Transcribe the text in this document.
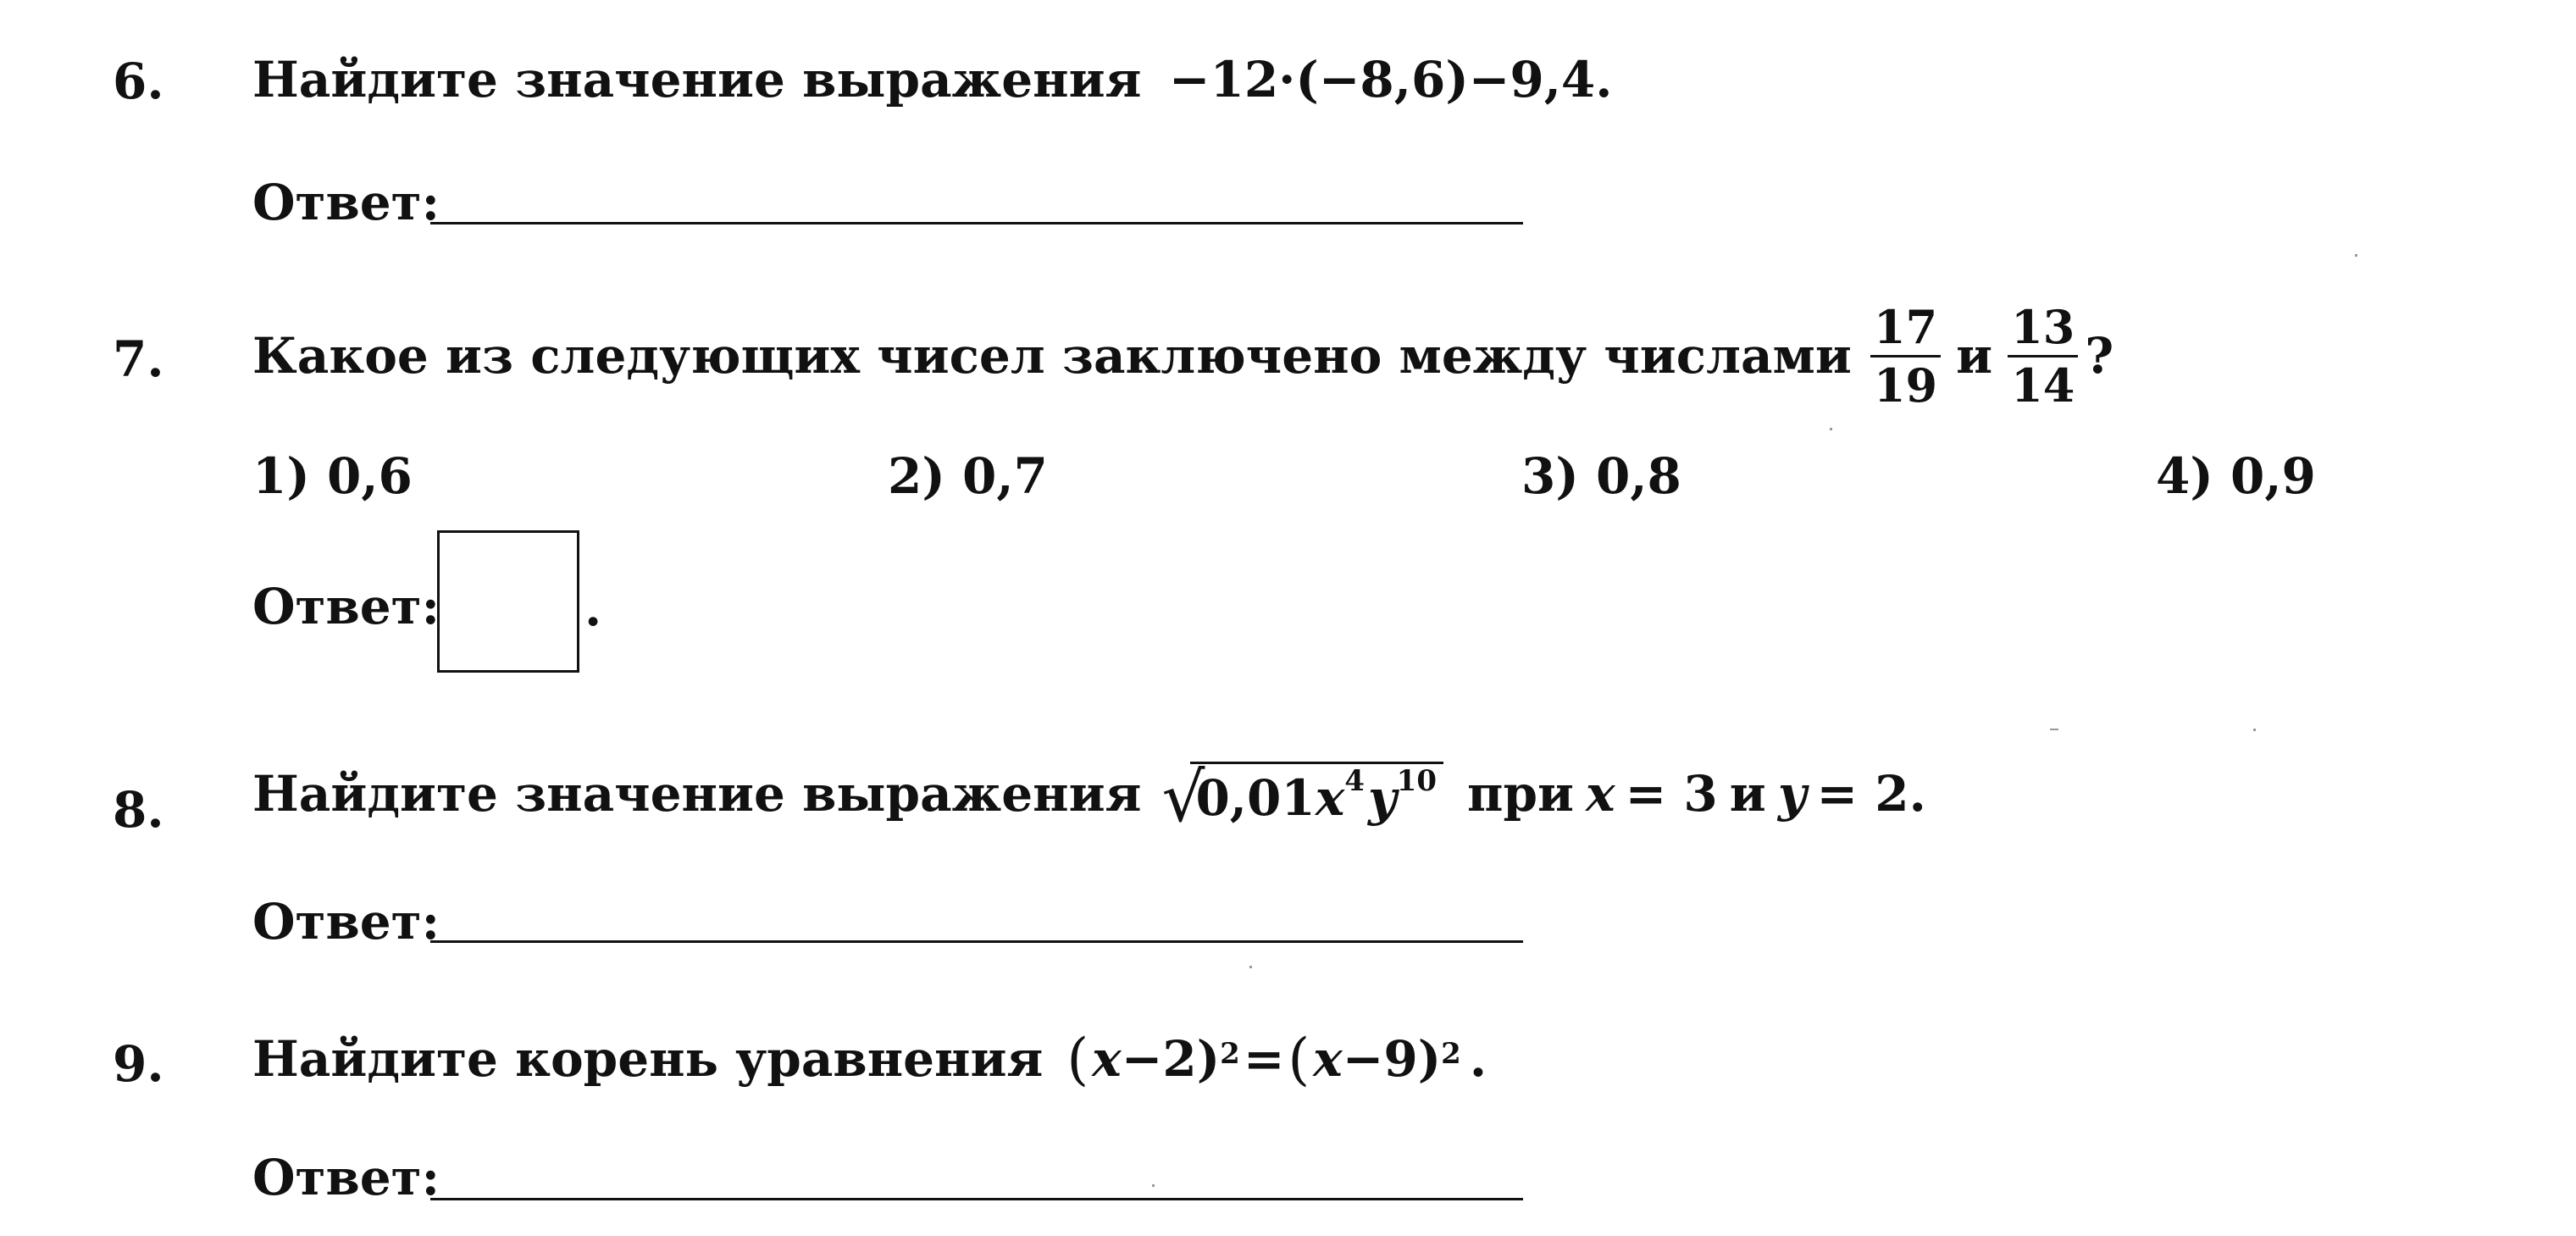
6. Найдите значение выражения −12·(−8,6)−9,4.
Ответ:
7. Какое из следующих чисел заключено между числами $\frac{17}{19}$ и $\frac{13}{14}$ ?
1) 0,6	2) 0,7	3) 0,8	4) 0,9
Ответ:	.
8. Найдите значение выражения √
$0,01x^4y^{10}$ при x = 3 и y = 2.
Ответ:
9. Найдите корень уравнения ( x −2)$^2$ = ( x −9)$^2$ .
Ответ:
